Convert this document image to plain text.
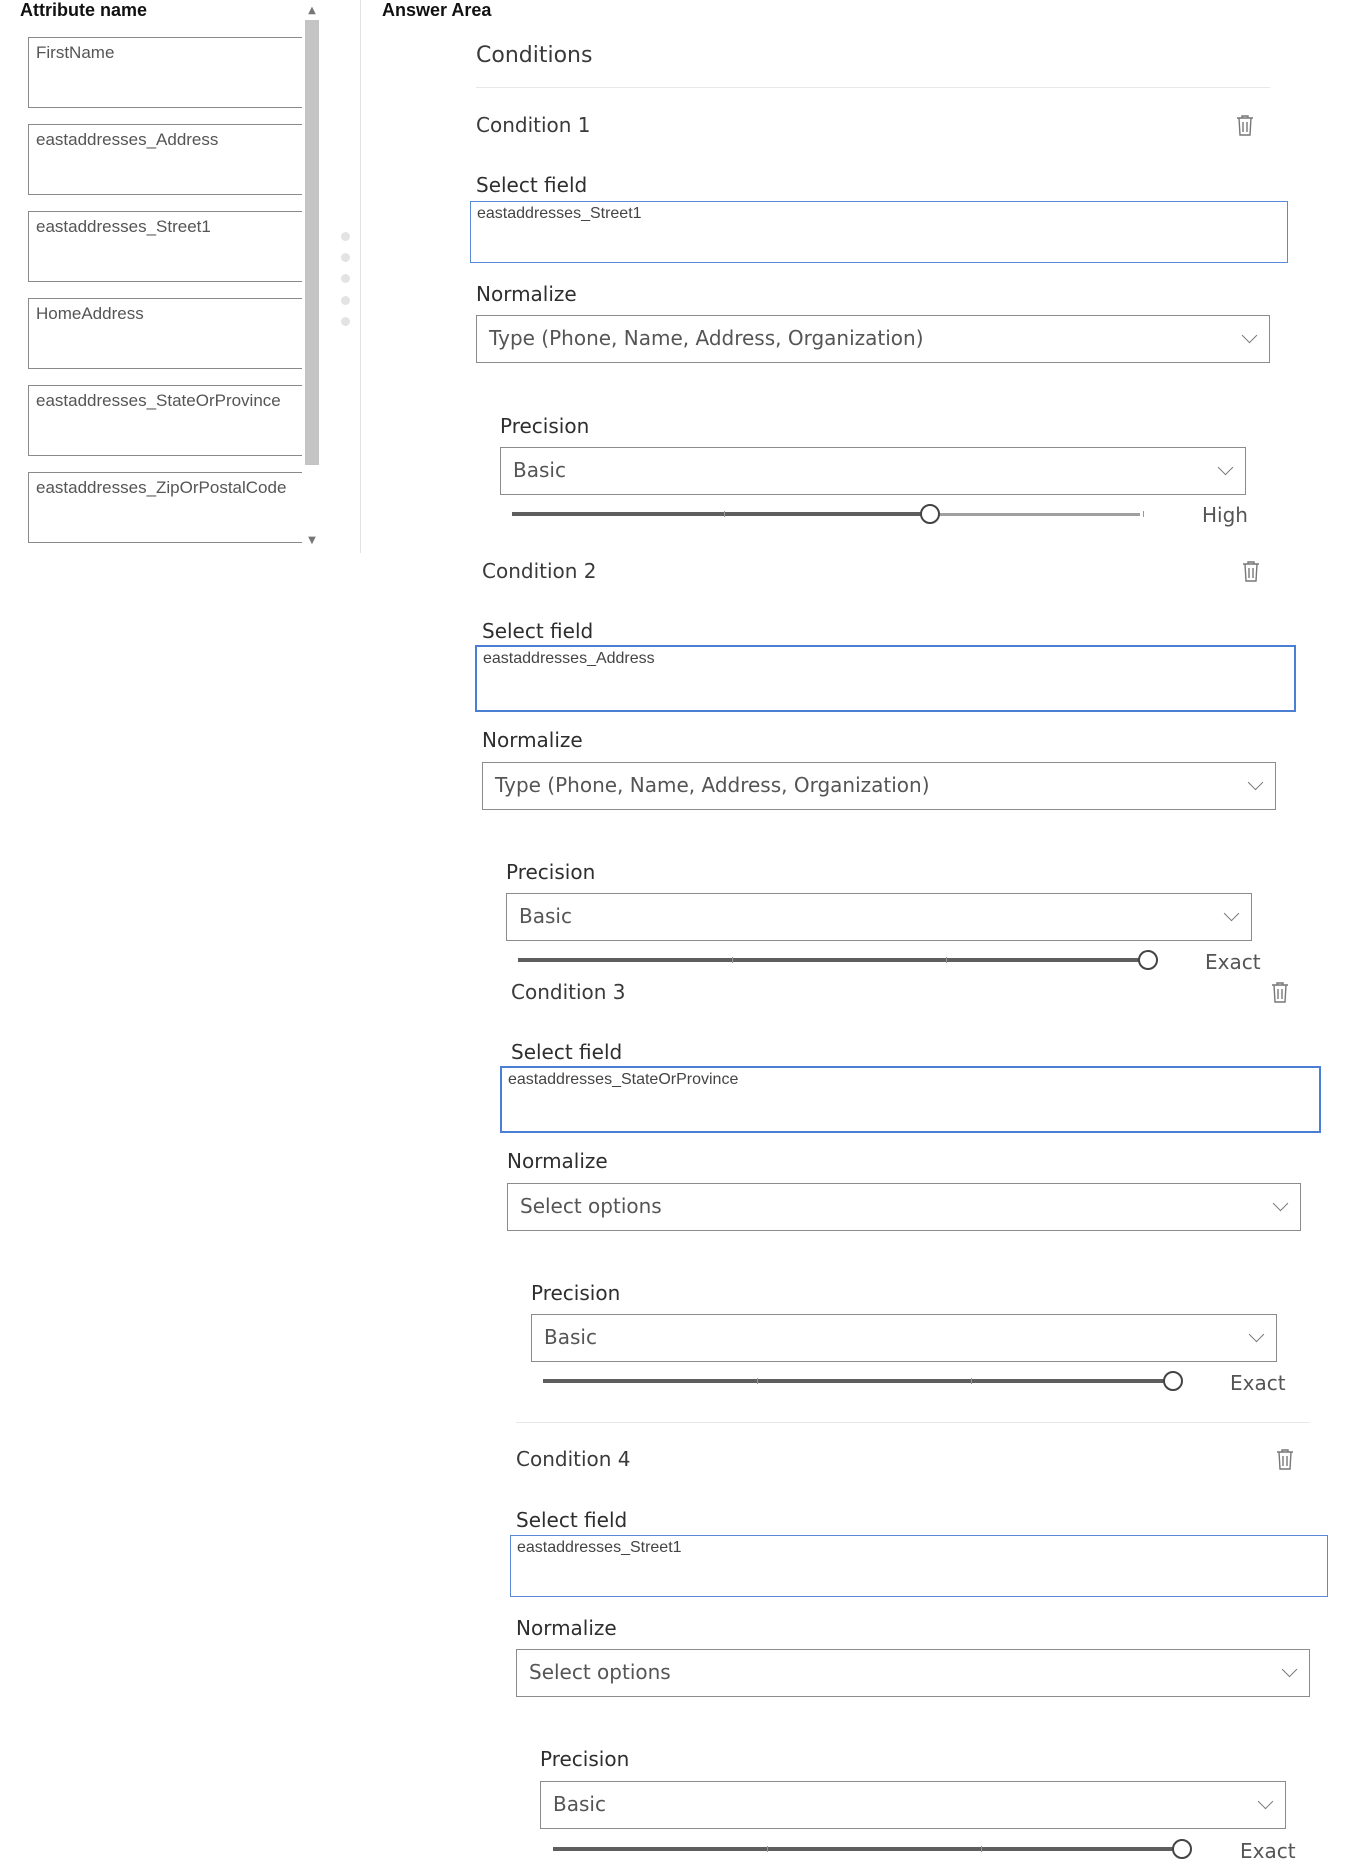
Attribute name	Answer Area
FirstName
eastaddresses_Address
eastaddresses_Street1
HomeAddress
eastaddresses_StateOrProvince
eastaddresses_ZipOrPostalCode
▲
▼
Conditions
Condition 1
Select field
eastaddresses_Street1
Normalize
Type (Phone, Name, Address, Organization)
Precision
Basic
High
Condition 2
Select field
eastaddresses_Address
Normalize
Type (Phone, Name, Address, Organization)
Precision
Basic
Exact
Condition 3
Select field
eastaddresses_StateOrProvince
Normalize
Select options
Precision
Basic
Exact
Condition 4
Select field
eastaddresses_Street1
Normalize
Select options
Precision
Basic
Exact
